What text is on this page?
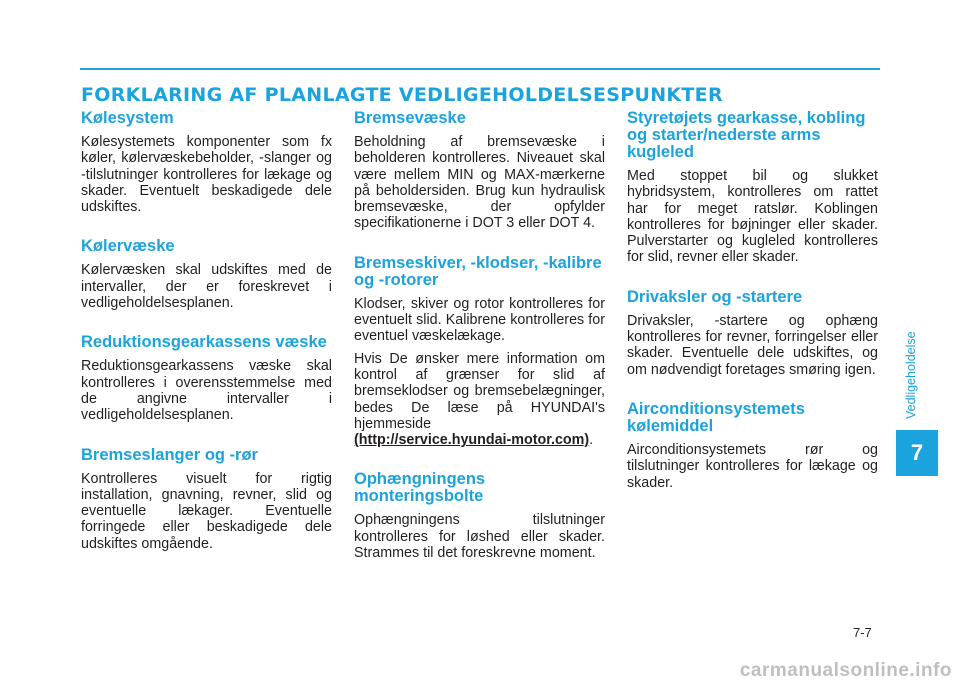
FORKLARING AF PLANLAGTE VEDLIGEHOLDELSESPUNKTER
Kølesystem

Kølesystemets komponenter som fx køler, kølervæskebeholder, -slanger og -tilslutninger kontrolleres for lækage og skader. Eventuelt beskadigede dele udskiftes.

Kølervæske

Kølervæsken skal udskiftes med de intervaller, der er foreskrevet i vedligeholdelsesplanen.

Reduktionsgearkassens væske

Reduktionsgearkassens væske skal kontrolleres i overensstemmelse med de angivne intervaller i vedligeholdelsesplanen.

Bremseslanger og -rør

Kontrolleres visuelt for rigtig installation, gnavning, revner, slid og eventuelle lækager. Eventuelle forringede eller beskadigede dele udskiftes omgående.

Bremsevæske

Beholdning af bremsevæske i beholderen kontrolleres. Niveauet skal være mellem MIN og MAX-mærkerne på beholdersiden. Brug kun hydraulisk bremsevæske, der opfylder specifikationerne i DOT 3 eller DOT 4.

Bremseskiver, -klodser, -kalibre og -rotorer

Klodser, skiver og rotor kontrolleres for eventuelt slid. Kalibrene kontrolleres for eventuel væskelækage.

Hvis De ønsker mere information om kontrol af grænser for slid af bremseklodser og bremsebelægninger, bedes De læse på HYUNDAI's hjemmeside

(http://service.hyundai-motor.com).

Ophængningens monteringsbolte

Ophængningens tilslutninger kontrolleres for løshed eller skader. Strammes til det foreskrevne moment.

Styretøjets gearkasse, kobling og starter/nederste arms kugleled

Med stoppet bil og slukket hybridsystem, kontrolleres om rattet har for meget ratslør. Koblingen kontrolleres for bøjninger eller skader. Pulverstarter og kugleled kontrolleres for slid, revner eller skader.

Drivaksler og -startere

Drivaksler, -startere og ophæng kontrolleres for revner, forringelser eller skader. Eventuelle dele udskiftes, og om nødvendigt foretages smøring igen.

Airconditionsystemets kølemiddel

Airconditionsystemets rør og tilslutninger kontrolleres for lækage og skader.

Vedligeholdelse
7
7-7
carmanualsonline.info
